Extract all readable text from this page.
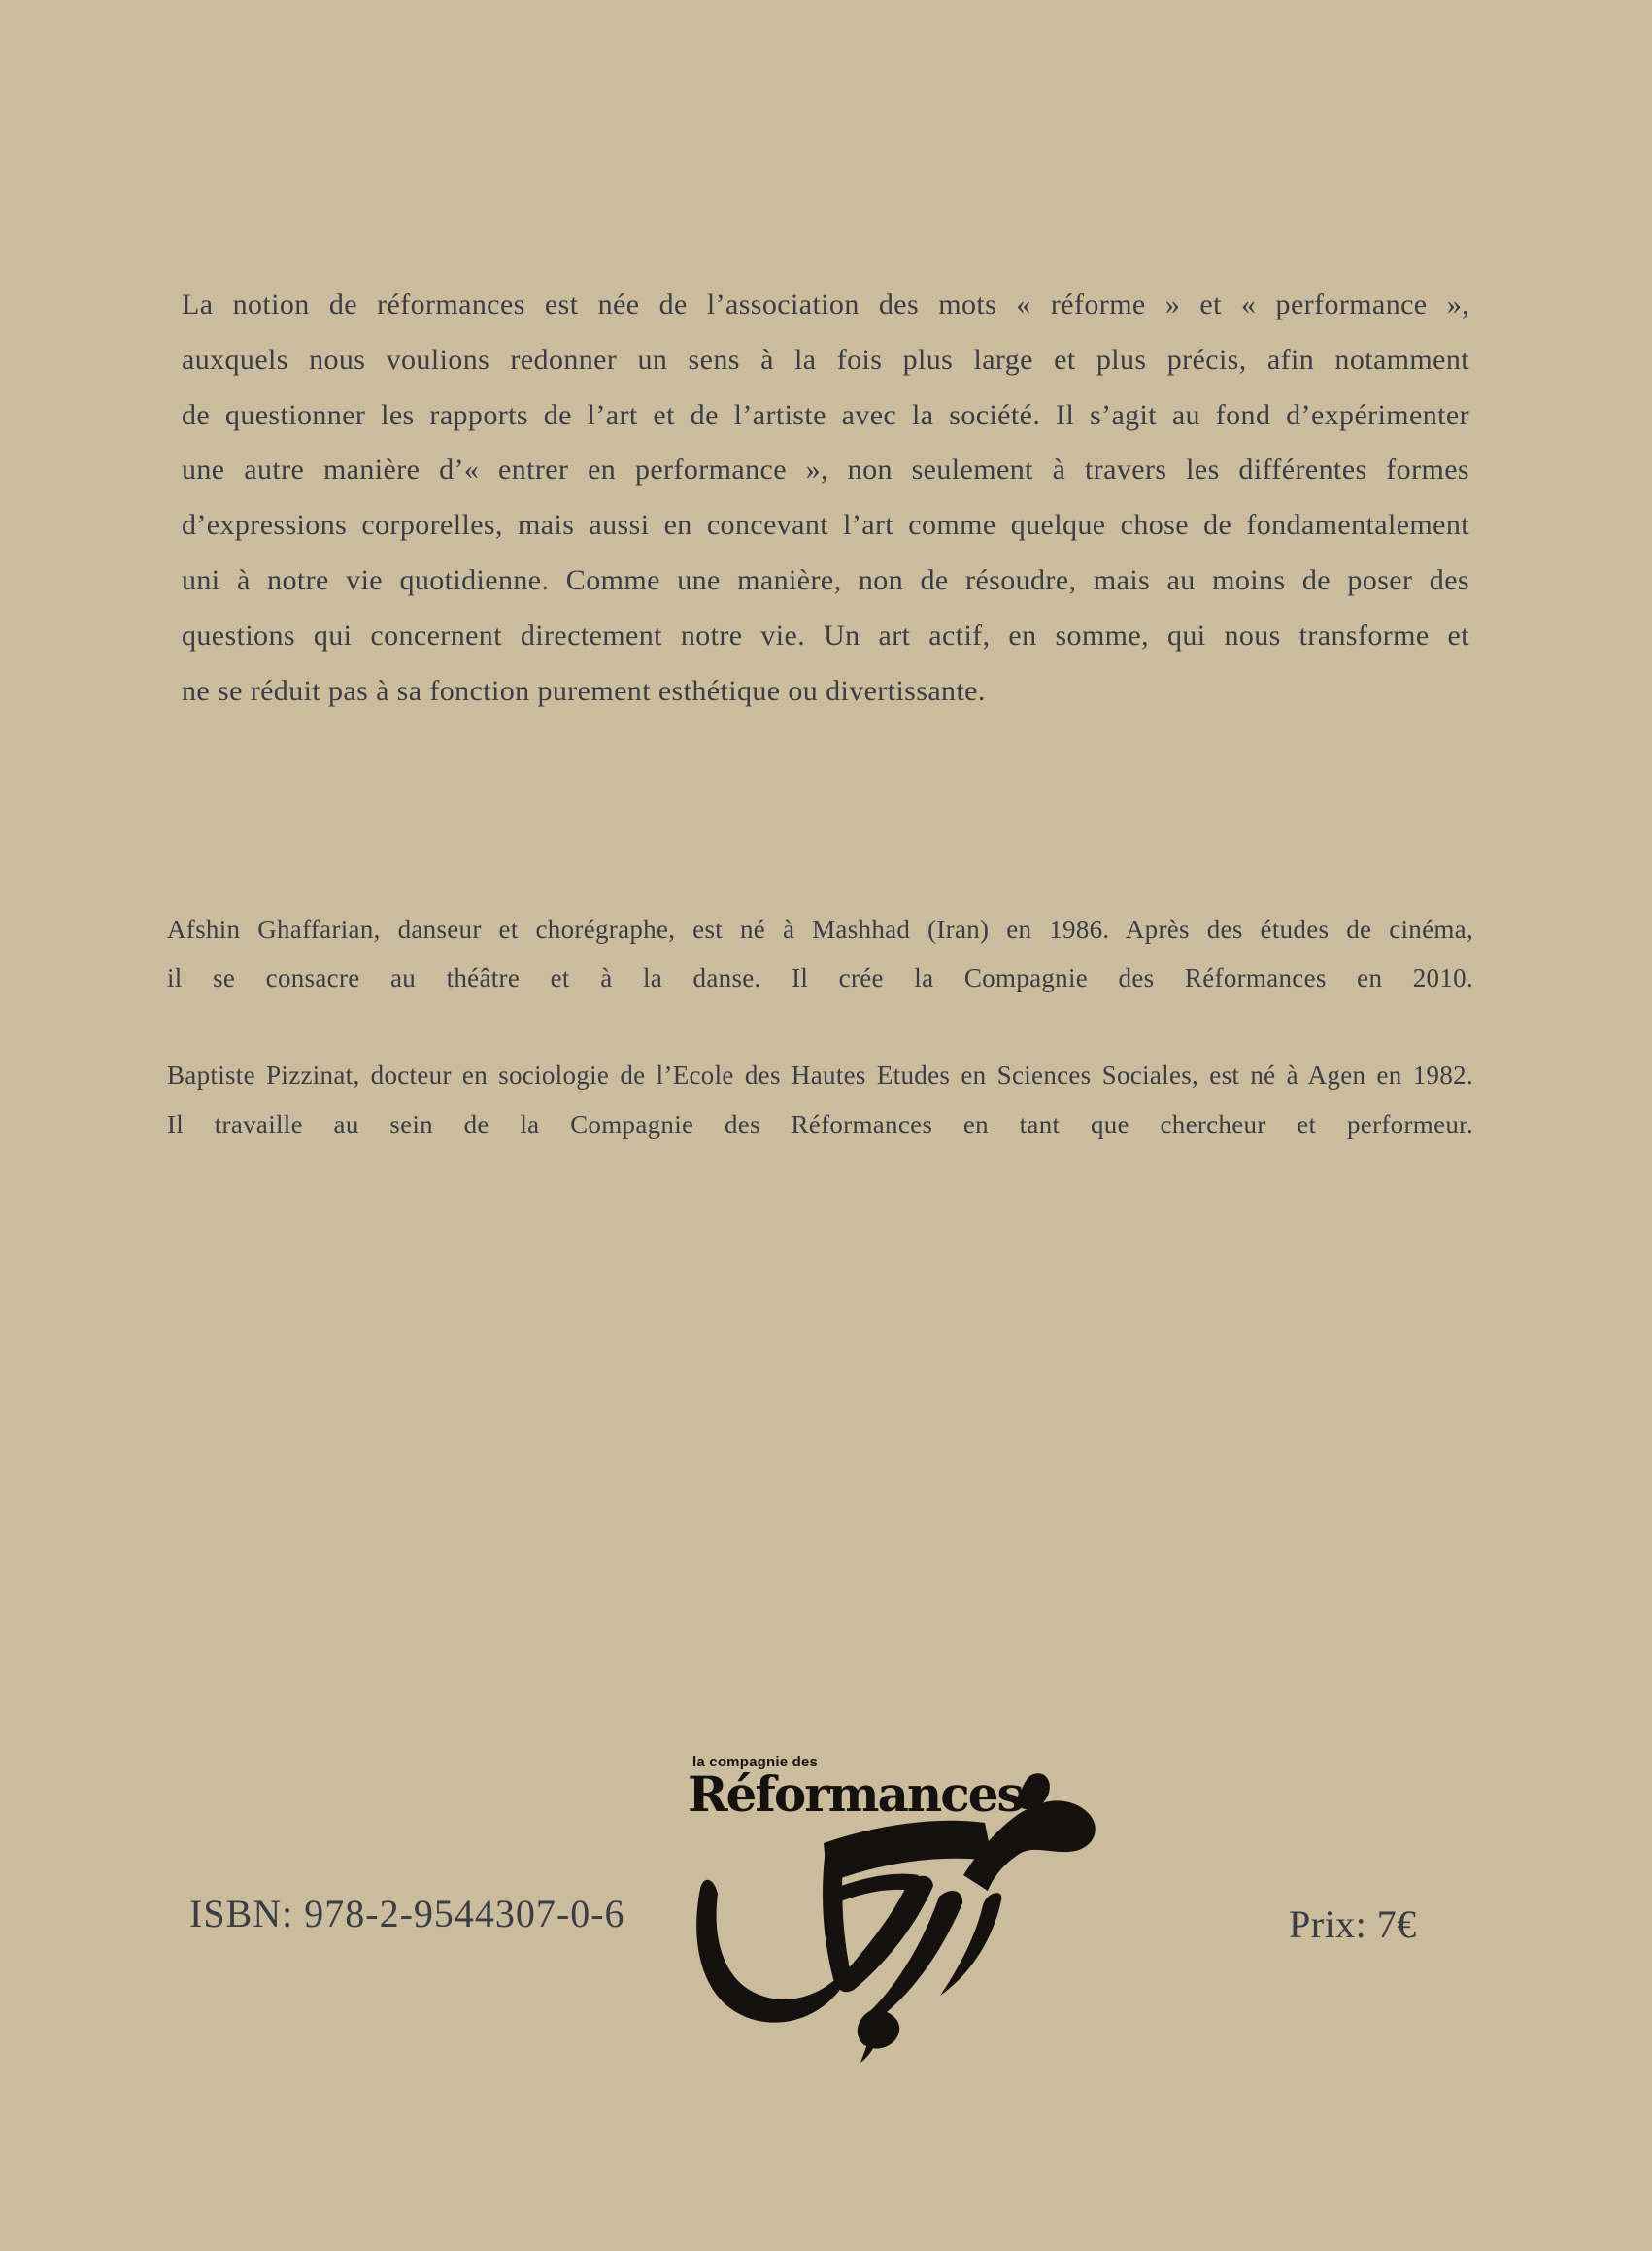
La notion de réformances est née de l’association des mots « réforme » et « performance »,
auxquels nous voulions redonner un sens à la fois plus large et plus précis, afin notamment
de questionner les rapports de l’art et de l’artiste avec la société. Il s’agit au fond d’expérimenter
une autre manière d’« entrer en performance », non seulement à travers les différentes formes
d’expressions corporelles, mais aussi en concevant l’art comme quelque chose de fondamentalement
uni à notre vie quotidienne. Comme une manière, non de résoudre, mais au moins de poser des
questions qui concernent directement notre vie. Un art actif, en somme, qui nous transforme et
ne se réduit pas à sa fonction purement esthétique ou divertissante.
Afshin Ghaffarian, danseur et chorégraphe, est né à Mashhad (Iran) en 1986. Après des études de cinéma,
il se consacre au théâtre et à la danse. Il crée la Compagnie des Réformances en 2010.
Baptiste Pizzinat, docteur en sociologie de l’Ecole des Hautes Etudes en Sciences Sociales, est né à Agen en 1982.
Il travaille au sein de la Compagnie des Réformances en tant que chercheur et performeur.
la compagnie des
Réformances
ISBN: 978-2-9544307-0-6	Prix: 7€
